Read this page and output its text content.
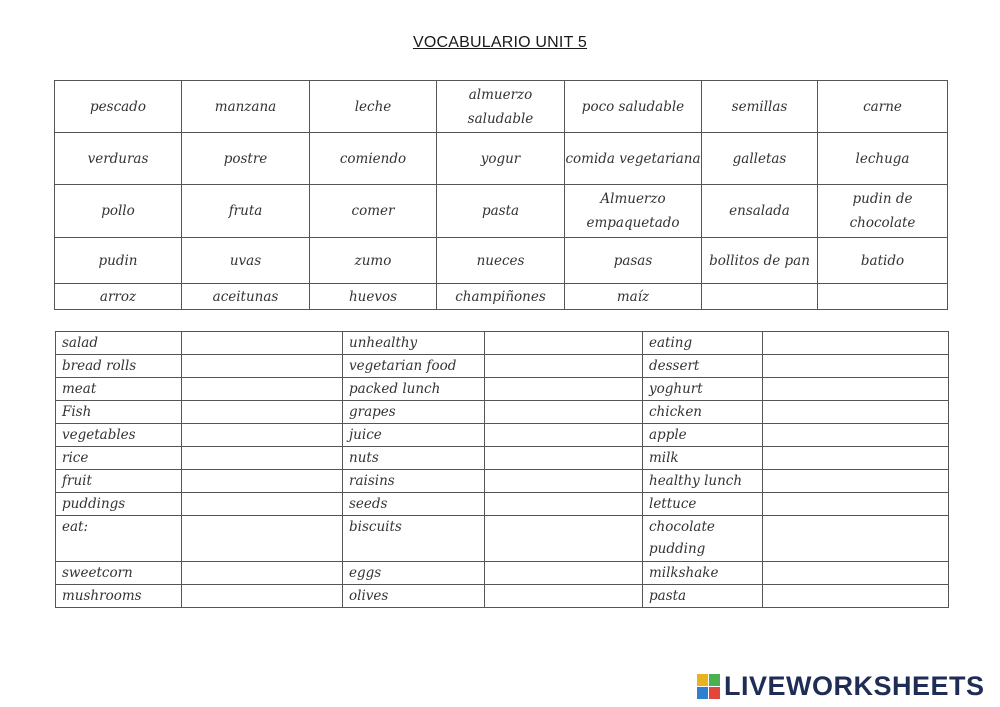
VOCABULARIO UNIT 5
pescado	manzana	leche	almuerzo saludable	poco saludable	semillas	carne
verduras	postre	comiendo	yogur	comida vegetariana	galletas	lechuga
pollo	fruta	comer	pasta	Almuerzo empaquetado	ensalada	pudin de chocolate
pudin	uvas	zumo	nueces	pasas	bollitos de pan	batido
arroz	aceitunas	huevos	champiñones	maíz		
salad		unhealthy		eating	

bread rolls		vegetarian food		dessert	

meat		packed lunch		yoghurt	

Fish		grapes		chicken	

vegetables		juice		apple	

rice		nuts		milk	

fruit		raisins		healthy lunch	

puddings		seeds		lettuce	

eat:		biscuits		chocolate pudding	

sweetcorn		eggs		milkshake	

mushrooms		olives		pasta	
LIVEWORKSHEETS
